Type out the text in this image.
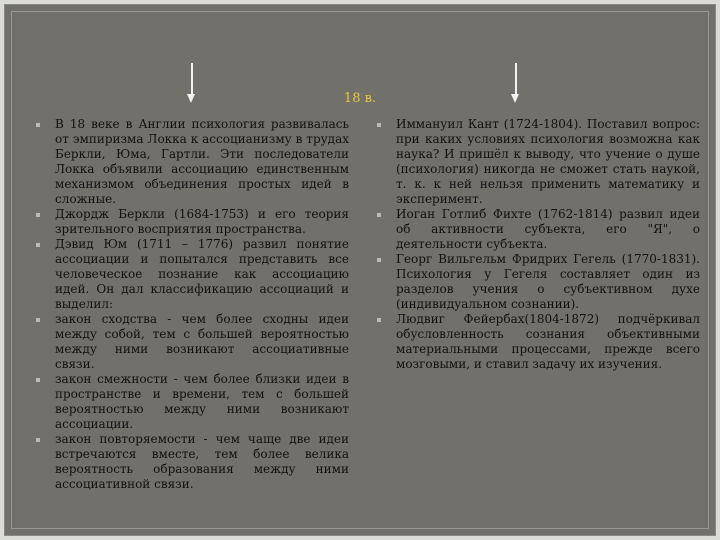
18 в.
В 18 веке в Англии психология развивалась от эмпиризма Локка к ассоцианизму в трудах Беркли, Юма, Гартли. Эти последователи Локка объявили ассоциацию единственным механизмом объединения простых идей в сложные.
Джордж Беркли (1684-1753) и его теория зрительного восприятия пространства.
Дэвид Юм (1711 – 1776) развил понятие ассоциации и попытался представить все человеческое познание как ассоциацию идей. Он дал классификацию ассоциаций и выделил:
закон сходства - чем более сходны идеи между собой, тем с большей вероятностью между ними возникают ассоциативные связи.
закон смежности - чем более близки идеи в пространстве и времени, тем с большей вероятностью между ними возникают ассоциации.
закон повторяемости - чем чаще две идеи встречаются вместе, тем более велика вероятность образования между ними ассоциативной связи.
Иммануил Кант (1724-1804). Поставил вопрос: при каких условиях психология возможна как наука? И пришёл к выводу, что учение о душе (психология) никогда не сможет стать наукой, т. к. к ней нельзя применить математику и эксперимент.
Иоган Готлиб Фихте (1762-1814) развил идеи об активности субъекта, его "Я", о деятельности субъекта.
Георг Вильгельм Фридрих Гегель (1770-1831). Психология у Гегеля составляет один из разделов учения о субъективном духе (индивидуальном сознании).
Людвиг Фейербах(1804-1872) подчёркивал обусловленность сознания объективными материальными процессами, прежде всего мозговыми, и ставил задачу их изучения.
